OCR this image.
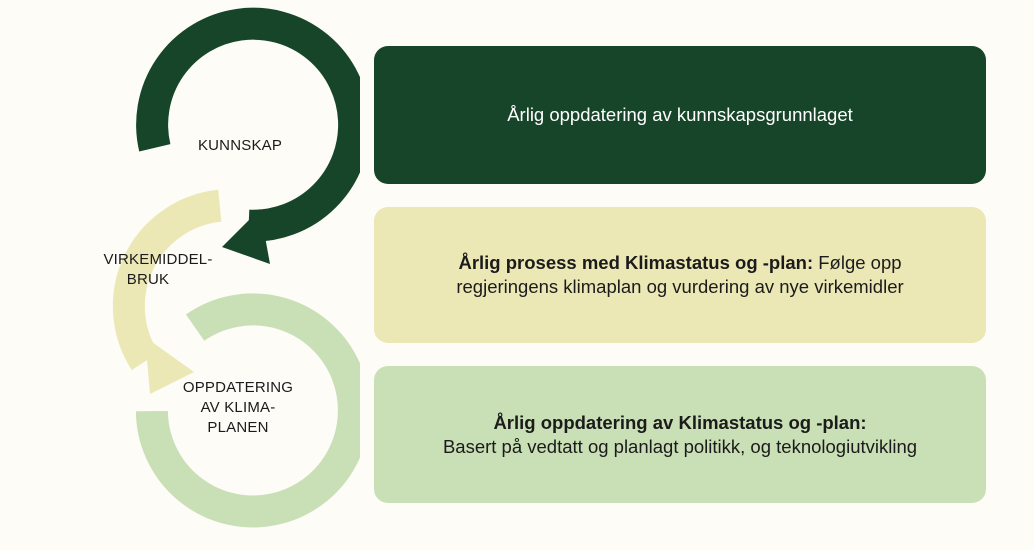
KUNNSKAP
VIRKEMIDDEL-
BRUK
OPPDATERING
AV KLIMA-
PLANEN
Årlig oppdatering av kunnskapsgrunnlaget
Årlig prosess med Klimastatus og -plan: Følge opp
regjeringens klimaplan og vurdering av nye virkemidler
Årlig oppdatering av Klimastatus og -plan:
Basert på vedtatt og planlagt politikk, og teknologiutvikling
